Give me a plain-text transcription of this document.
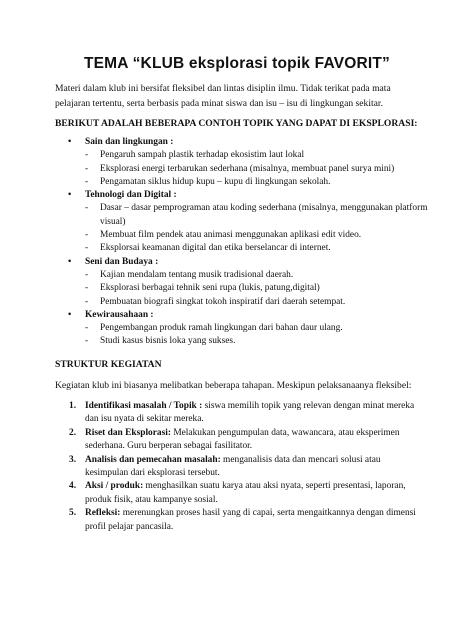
TEMA “KLUB eksplorasi topik FAVORIT”
Materi dalam klub ini bersifat fleksibel dan lintas disiplin ilmu. Tidak terikat pada mata pelajaran tertentu, serta berbasis pada minat siswa dan isu – isu di lingkungan sekitar.
BERIKUT ADALAH BEBERAPA CONTOH TOPIK YANG DAPAT DI EKSPLORASI:
• Sain dan lingkungan :
- Pengaruh sampah plastik terhadap ekosistim laut lokal
- Eksplorasi energi terbarukan sederhana (misalnya, membuat panel surya mini)
- Pengamatan siklus hidup kupu – kupu di lingkungan sekolah.
• Tehnologi dan Digital :
- Dasar – dasar pemprograman atau koding sederhana (misalnya, menggunakan platform visual)
- Membuat film pendek atau animasi menggunakan aplikasi edit video.
- Eksplorsai keamanan digital dan etika berselancar di internet.
• Seni dan Budaya :
- Kajian mendalam tentang musik tradisional daerah.
- Eksplorasi berbagai tehnik seni rupa (lukis, patung,digital)
- Pembuatan biografi singkat tokoh inspiratif dari daerah setempat.
• Kewirausahaan :
- Pengembangan produk ramah lingkungan dari bahan daur ulang.
- Studi kasus bisnis loka yang sukses.
STRUKTUR KEGIATAN
Kegiatan klub ini biasanya melibatkan beberapa tahapan. Meskipun pelaksanaanya fleksibel:
1. Identifikasi masalah / Topik : siswa memilih topik yang relevan dengan minat mereka dan isu nyata di sekitar mereka.
2. Riset dan Eksplorasi: Melakukan pengumpulan data, wawancara, atau eksperimen sederhana. Guru berperan sebagai fasilitator.
3. Analisis dan pemecahan masalah: menganalisis data dan mencari solusi atau kesimpulan dari eksplorasi tersebut.
4. Aksi / produk: menghasilkan suatu karya atau aksi nyata, seperti presentasi, laporan, produk fisik, atau kampanye sosial.
5. Refleksi: merenungkan proses hasil yang di capai, serta mengaitkannya dengan dimensi profil pelajar pancasila.
